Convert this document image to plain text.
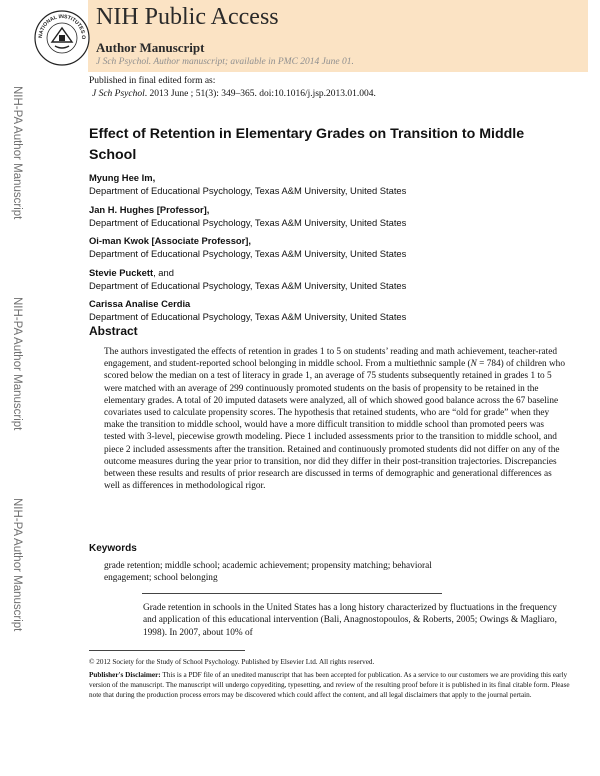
NATIONAL INSTITUTES O
NIH Public Access
Author Manuscript
J Sch Psychol. Author manuscript; available in PMC 2014 June 01.
NIH-PA Author Manuscript
NIH-PA Author Manuscript
NIH-PA Author Manuscript
Published in final edited form as:
J Sch Psychol. 2013 June ; 51(3): 349–365. doi:10.1016/j.jsp.2013.01.004.
Effect of Retention in Elementary Grades on Transition to Middle School
Myung Hee Im,
Department of Educational Psychology, Texas A&M University, United States
Jan H. Hughes [Professor],
Department of Educational Psychology, Texas A&M University, United States
Oi-man Kwok [Associate Professor],
Department of Educational Psychology, Texas A&M University, United States
Stevie Puckett, and
Department of Educational Psychology, Texas A&M University, United States
Carissa Analise Cerdia
Department of Educational Psychology, Texas A&M University, United States
Abstract
The authors investigated the effects of retention in grades 1 to 5 on students’ reading and math achievement, teacher-rated engagement, and student-reported school belonging in middle school. From a multiethnic sample (N = 784) of children who scored below the median on a test of literacy in grade 1, an average of 75 students subsequently retained in grades 1 to 5 were matched with an average of 299 continuously promoted students on the basis of propensity to be retained in the elementary grades. A total of 20 imputed datasets were analyzed, all of which showed good balance across the 67 baseline covariates used to calculate propensity scores. The hypothesis that retained students, who are “old for grade” when they make the transition to middle school, would have a more difficult transition to middle school than promoted peers was tested with 3-level, piecewise growth modeling. Piece 1 included assessments prior to the transition to middle school, and piece 2 included assessments after the transition. Retained and continuously promoted students did not differ on any of the outcome measures during the year prior to transition, nor did they differ in their post-transition trajectories. Discrepancies between these results and results of prior research are discussed in terms of demographic and generational differences as well as differences in methodological rigor.
Keywords
grade retention; middle school; academic achievement; propensity matching; behavioral engagement; school belonging
Grade retention in schools in the United States has a long history characterized by fluctuations in the frequency and application of this educational intervention (Bali, Anagnostopoulos, & Roberts, 2005; Owings & Magliaro, 1998). In 2007, about 10% of
© 2012 Society for the Study of School Psychology. Published by Elsevier Ltd. All rights reserved.
Publisher's Disclaimer: This is a PDF file of an unedited manuscript that has been accepted for publication. As a service to our customers we are providing this early version of the manuscript. The manuscript will undergo copyediting, typesetting, and review of the resulting proof before it is published in its final citable form. Please note that during the production process errors may be discovered which could affect the content, and all legal disclaimers that apply to the journal pertain.
